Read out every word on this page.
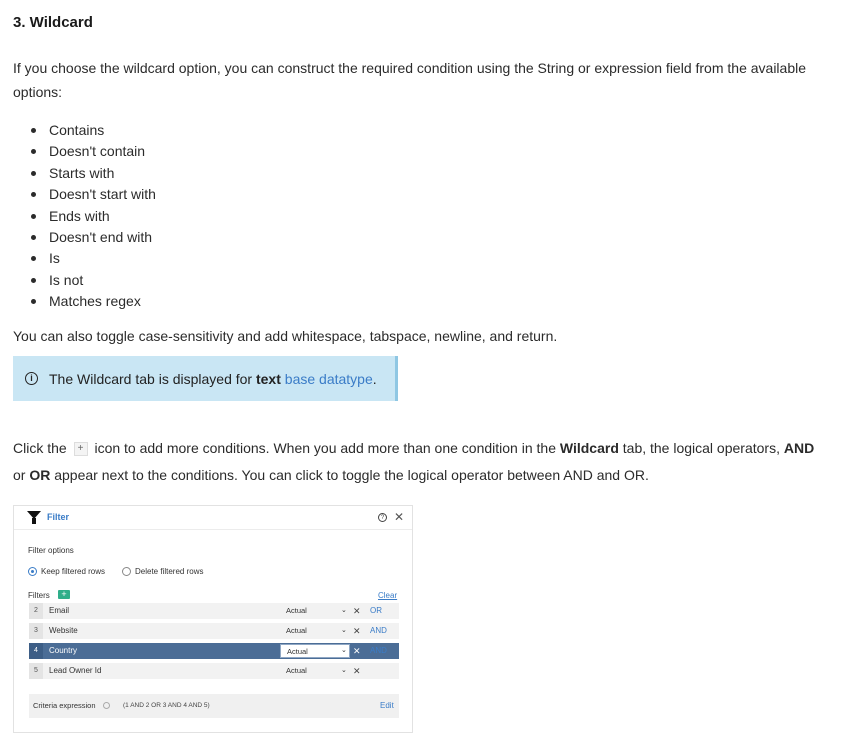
3. Wildcard

If you choose the wildcard option, you can construct the required condition using the String or expression field from the available options:

Contains
Doesn't contain
Starts with
Doesn't start with
Ends with
Doesn't end with
Is
Is not
Matches regex

You can also toggle case-sensitivity and add whitespace, tabspace, newline, and return.

i	The Wildcard tab is displayed for text base datatype.

Click the + icon to add more conditions. When you add more than one condition in the Wildcard tab, the logical operators, AND or OR appear next to the conditions. You can click to toggle the logical operator between AND and OR.

Filter	? ✕
Filter options
Keep filtered rows	Delete filtered rows
Filters	+	Clear
2	Email	Actual	⌄ ✕ OR
3	Website	Actual	⌄ ✕ AND
4	Country	Actual	⌄ ✕ AND
5	Lead Owner Id	Actual	⌄ ✕
Criteria expression	(1 AND 2 OR 3 AND 4 AND 5)	Edit
